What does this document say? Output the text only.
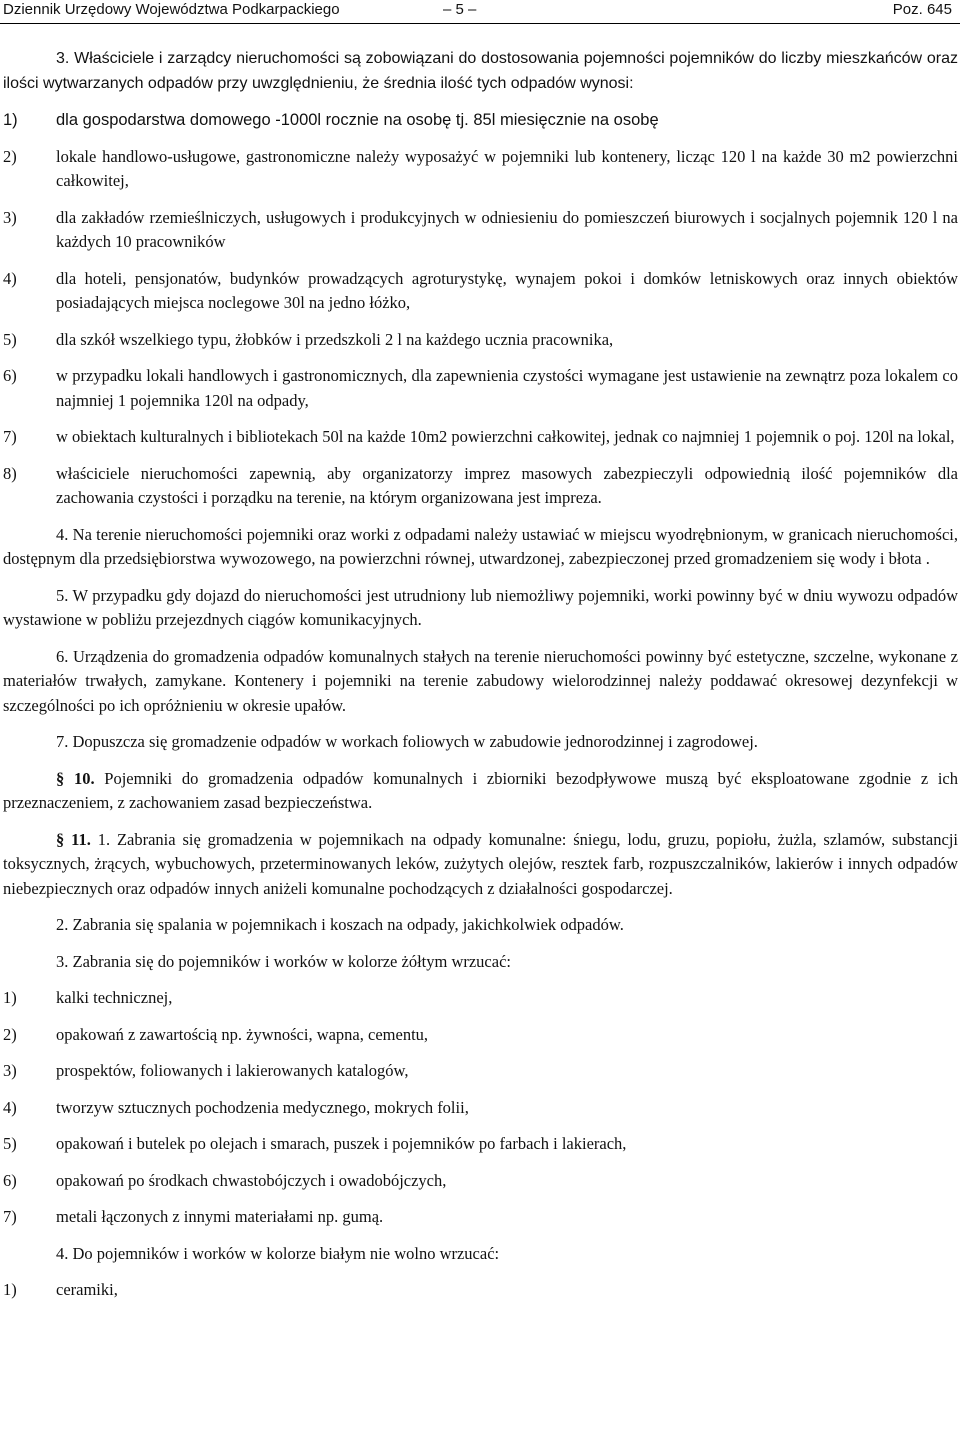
Dziennik Urzędowy Województwa Podkarpackiego	– 5 –	Poz. 645

3. Właściciele i zarządcy nieruchomości są zobowiązani do dostosowania pojemności pojemników do liczby mieszkańców oraz ilości wytwarzanych odpadów przy uwzględnieniu, że średnia ilość tych odpadów wynosi:

1)	dla gospodarstwa domowego -1000l rocznie na osobę tj. 85l miesięcznie na osobę
2)	lokale handlowo-usługowe, gastronomiczne należy wyposażyć w pojemniki lub kontenery, licząc 120 l na każde 30 m2 powierzchni całkowitej,
3)	dla zakładów rzemieślniczych, usługowych i produkcyjnych w odniesieniu do pomieszczeń biurowych i socjalnych pojemnik 120 l na każdych 10 pracowników
4)	dla hoteli, pensjonatów, budynków prowadzących agroturystykę, wynajem pokoi i domków letniskowych oraz innych obiektów posiadających miejsca noclegowe 30l na jedno łóżko,
5)	dla szkół wszelkiego typu, żłobków i przedszkoli 2 l na każdego ucznia pracownika,
6)	w przypadku lokali handlowych i gastronomicznych, dla zapewnienia czystości wymagane jest ustawienie na zewnątrz poza lokalem co najmniej 1 pojemnika 120l na odpady,
7)	w obiektach kulturalnych i bibliotekach 50l na każde 10m2 powierzchni całkowitej, jednak co najmniej 1 pojemnik o poj. 120l na lokal,
8)	właściciele nieruchomości zapewnią, aby organizatorzy imprez masowych zabezpieczyli odpowiednią ilość pojemników dla zachowania czystości i porządku na terenie, na którym organizowana jest impreza.

4. Na terenie nieruchomości pojemniki oraz worki z odpadami należy ustawiać w miejscu wyodrębnionym, w granicach nieruchomości, dostępnym dla przedsiębiorstwa wywozowego, na powierzchni równej, utwardzonej, zabezpieczonej przed gromadzeniem się wody i błota .

5. W przypadku gdy dojazd do nieruchomości jest utrudniony lub niemożliwy pojemniki, worki powinny być w dniu wywozu odpadów wystawione w pobliżu przejezdnych ciągów komunikacyjnych.

6. Urządzenia do gromadzenia odpadów komunalnych stałych na terenie nieruchomości powinny być estetyczne, szczelne, wykonane z materiałów trwałych, zamykane. Kontenery i pojemniki na terenie zabudowy wielorodzinnej należy poddawać okresowej dezynfekcji w szczególności po ich opróżnieniu w okresie upałów.

7. Dopuszcza się gromadzenie odpadów w workach foliowych w zabudowie jednorodzinnej i zagrodowej.

§ 10. Pojemniki do gromadzenia odpadów komunalnych i zbiorniki bezodpływowe muszą być eksploatowane zgodnie z ich przeznaczeniem, z zachowaniem zasad bezpieczeństwa.

§ 11. 1. Zabrania się gromadzenia w pojemnikach na odpady komunalne: śniegu, lodu, gruzu, popiołu, żużla, szlamów, substancji toksycznych, żrących, wybuchowych, przeterminowanych leków, zużytych olejów, resztek farb, rozpuszczalników, lakierów i innych odpadów niebezpiecznych oraz odpadów innych aniżeli komunalne pochodzących z działalności gospodarczej.

2. Zabrania się spalania w pojemnikach i koszach na odpady, jakichkolwiek odpadów.

3. Zabrania się do pojemników i worków w kolorze żółtym wrzucać:

1)	kalki technicznej,
2)	opakowań z zawartością np. żywności, wapna, cementu,
3)	prospektów, foliowanych i lakierowanych katalogów,
4)	tworzyw sztucznych pochodzenia medycznego, mokrych folii,
5)	opakowań i butelek po olejach i smarach, puszek i pojemników po farbach i lakierach,
6)	opakowań po środkach chwastobójczych i owadobójczych,
7)	metali łączonych z innymi materiałami np. gumą.

4. Do pojemników i worków w kolorze białym nie wolno wrzucać:

1)	ceramiki,
